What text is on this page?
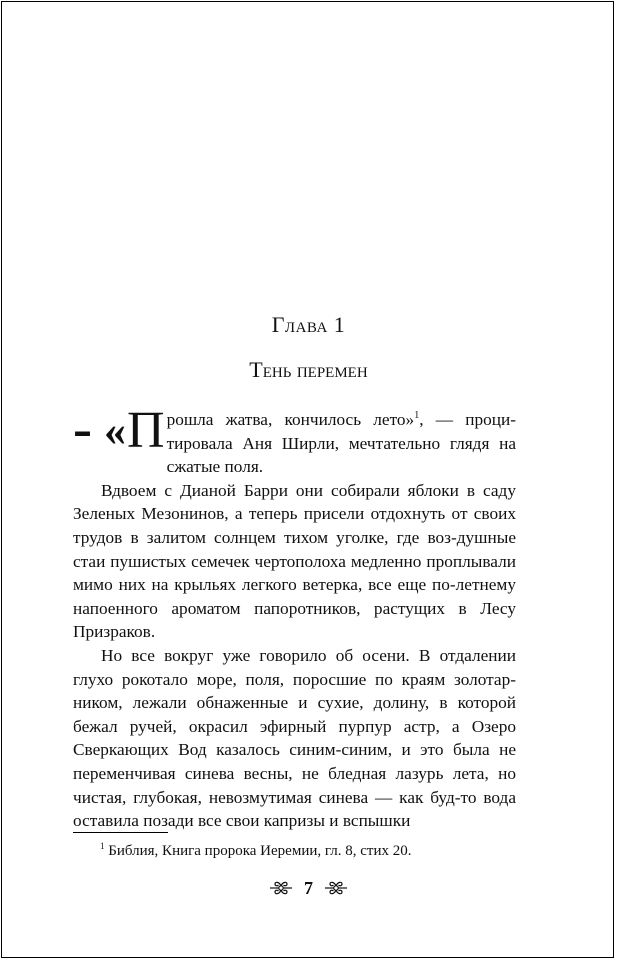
Глава 1
Тень перемен

– « П рошла жатва, кончилось лето»$^1$, — проци-тировала Аня Ширли, мечтательно глядя на сжатые поля.

Вдвоем с Дианой Барри они собирали яблоки в саду Зеленых Мезонинов, а теперь присели отдохнуть от своих трудов в залитом солнцем тихом уголке, где воз-душные стаи пушистых семечек чертополоха медленно проплывали мимо них на крыльях легкого ветерка, все еще по-летнему напоенного ароматом папоротников, растущих в Лесу Призраков.

Но все вокруг уже говорило об осени. В отдалении глухо рокотало море, поля, поросшие по краям золотар-ником, лежали обнаженные и сухие, долину, в которой бежал ручей, окрасил эфирный пурпур астр, а Озеро Сверкающих Вод казалось синим-синим, и это была не переменчивая синева весны, не бледная лазурь лета, но чистая, глубокая, невозмутимая синева — как буд-то вода оставила позади все свои капризы и вспышки

$^1$ Библия, Книга пророка Иеремии, гл. 8, стих 20.
7
